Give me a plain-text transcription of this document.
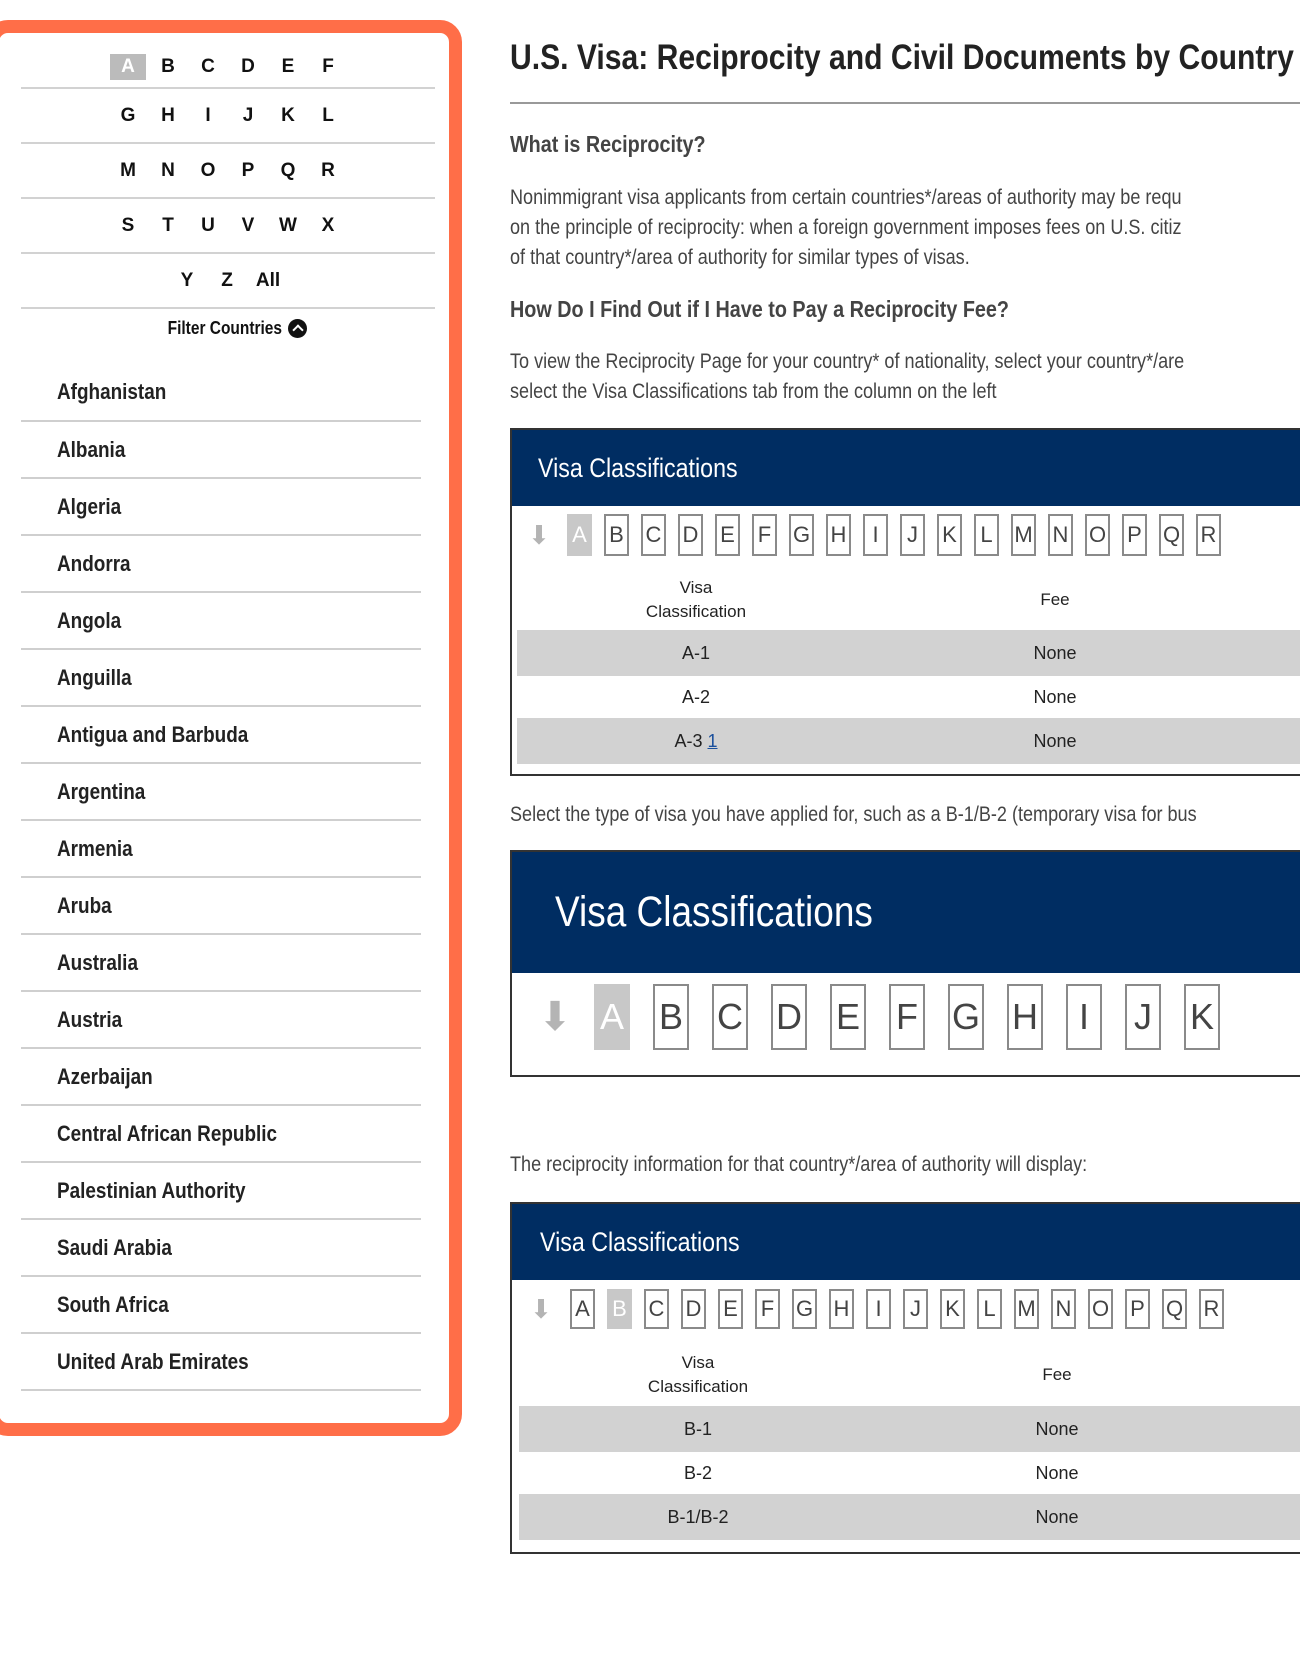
A	B	C	D	E	F
G	H	I	J	K	L
M	N	O	P	Q	R
S	T	U	V	W	X
Y	Z	All
Filter Countries
Afghanistan
Albania
Algeria
Andorra
Angola
Anguilla
Antigua and Barbuda
Argentina
Armenia
Aruba
Australia
Austria
Azerbaijan
Central African Republic
Palestinian Authority
Saudi Arabia
South Africa
United Arab Emirates
U.S. Visa: Reciprocity and Civil Documents by Country
What is Reciprocity?
Nonimmigrant visa applicants from certain countries*/areas of authority may be requ
on the principle of reciprocity: when a foreign government imposes fees on U.S. citiz
of that country*/area of authority for similar types of visas.
How Do I Find Out if I Have to Pay a Reciprocity Fee?
To view the Reciprocity Page for your country* of nationality, select your country*/are
select the Visa Classifications tab from the column on the left
Visa Classifications
⬇ A B C D E F G H	I	J	K L M N O P Q R
Visa
Classification
Fee
A-1	None
A-2	None
A-3 1	None
Select the type of visa you have applied for, such as a B-1/B-2 (temporary visa for bus
Visa Classifications
⬇ A B C D E F G H	I	J K
The reciprocity information for that country*/area of authority will display:
Visa Classifications
⬇ A B C D E F G H	I	J	K L M N O P Q R
Visa
Classification
Fee
B-1	None
B-2	None
B-1/B-2	None
